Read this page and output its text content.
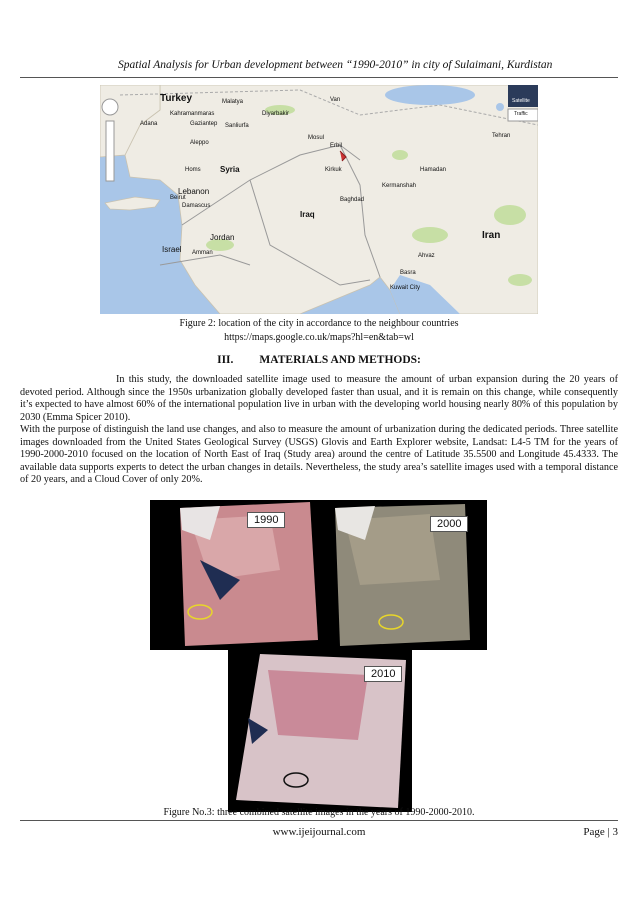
Spatial Analysis for Urban development between “1990-2010” in city of Sulaimani, Kurdistan
Turkey
Syria
Lebanon
Israel
Jordan
Iraq
Iran
Malatya	Van
Adana
Kahramanmaras
Gaziantep Sanliurfa
Diyarbakir
Mosul
Erbil
Kirkuk
Aleppo
Homs
Damascus
Beirut
Amman
Baghdad
Tehran
Kermanshah
Hamadan
Ahvaz
Basra
Kuwait City
Satellite
Traffic
Figure 2: location of the city in accordance to the neighbour countries
https://maps.google.co.uk/maps?hl=en&tab=wl
III. MATERIALS AND METHODS:

In this study, the downloaded satellite image used to measure the amount of urban expansion during the 20 years of devoted period. Although since the 1950s urbanization globally developed faster than usual, and it is remain on this change, while consequently it’s expected to have almost 60% of the international population live in urban with the developing world housing nearly 80% of this population by 2030 (Emma Spicer 2010).

With the purpose of distinguish the land use changes, and also to measure the amount of urbanization during the dedicated periods. Three satellite images downloaded from the United States Geological Survey (USGS) Glovis and Earth Explorer website, Landsat: L4-5 TM for the years of 1990-2000-2010 focused on the location of North East of Iraq (Study area) around the centre of Latitude 35.5500 and Longitude 45.4333. The available data supports experts to detect the urban changes in details. Nevertheless, the study area’s satellite images used with a temporal distance of 20 years, and a Cloud Cover of only 20%.

1990	2000
2010
Figure No.3: three combined satellite images in the years of 1990-2000-2010.
www.ijeijournal.com	Page | 3
